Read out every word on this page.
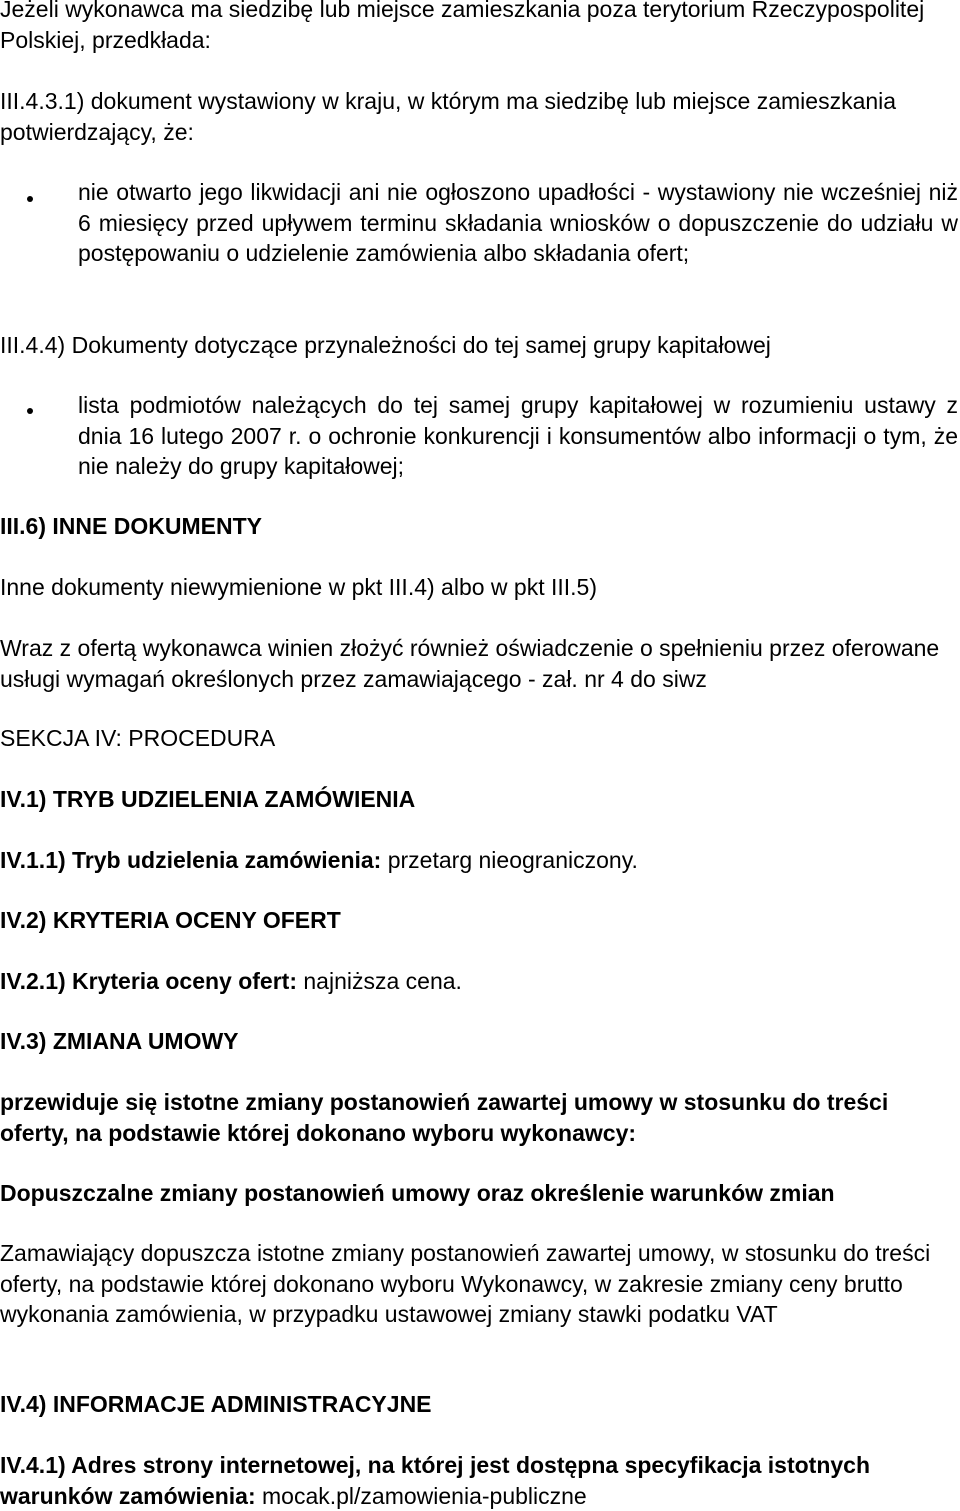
Jeżeli wykonawca ma siedzibę lub miejsce zamieszkania poza terytorium Rzeczypospolitej Polskiej, przedkłada:

III.4.3.1) dokument wystawiony w kraju, w którym ma siedzibę lub miejsce zamieszkania potwierdzający, że:

nie otwarto jego likwidacji ani nie ogłoszono upadłości - wystawiony nie wcześniej niż 6 miesięcy przed upływem terminu składania wniosków o dopuszczenie do udziału w postępowaniu o udzielenie zamówienia albo składania ofert;

III.4.4) Dokumenty dotyczące przynależności do tej samej grupy kapitałowej

lista podmiotów należących do tej samej grupy kapitałowej w rozumieniu ustawy z dnia 16 lutego 2007 r. o ochronie konkurencji i konsumentów albo informacji o tym, że nie należy do grupy kapitałowej;

III.6) INNE DOKUMENTY

Inne dokumenty niewymienione w pkt III.4) albo w pkt III.5)

Wraz z ofertą wykonawca winien złożyć również oświadczenie o spełnieniu przez oferowane usługi wymagań określonych przez zamawiającego - zał. nr 4 do siwz

SEKCJA IV: PROCEDURA

IV.1) TRYB UDZIELENIA ZAMÓWIENIA

IV.1.1) Tryb udzielenia zamówienia: przetarg nieograniczony.

IV.2) KRYTERIA OCENY OFERT

IV.2.1) Kryteria oceny ofert: najniższa cena.

IV.3) ZMIANA UMOWY

przewiduje się istotne zmiany postanowień zawartej umowy w stosunku do treści oferty, na podstawie której dokonano wyboru wykonawcy:

Dopuszczalne zmiany postanowień umowy oraz określenie warunków zmian

Zamawiający dopuszcza istotne zmiany postanowień zawartej umowy, w stosunku do treści oferty, na podstawie której dokonano wyboru Wykonawcy, w zakresie zmiany ceny brutto wykonania zamówienia, w przypadku ustawowej zmiany stawki podatku VAT

IV.4) INFORMACJE ADMINISTRACYJNE

IV.4.1) Adres strony internetowej, na której jest dostępna specyfikacja istotnych warunków zamówienia: mocak.pl/zamowienia-publiczne
